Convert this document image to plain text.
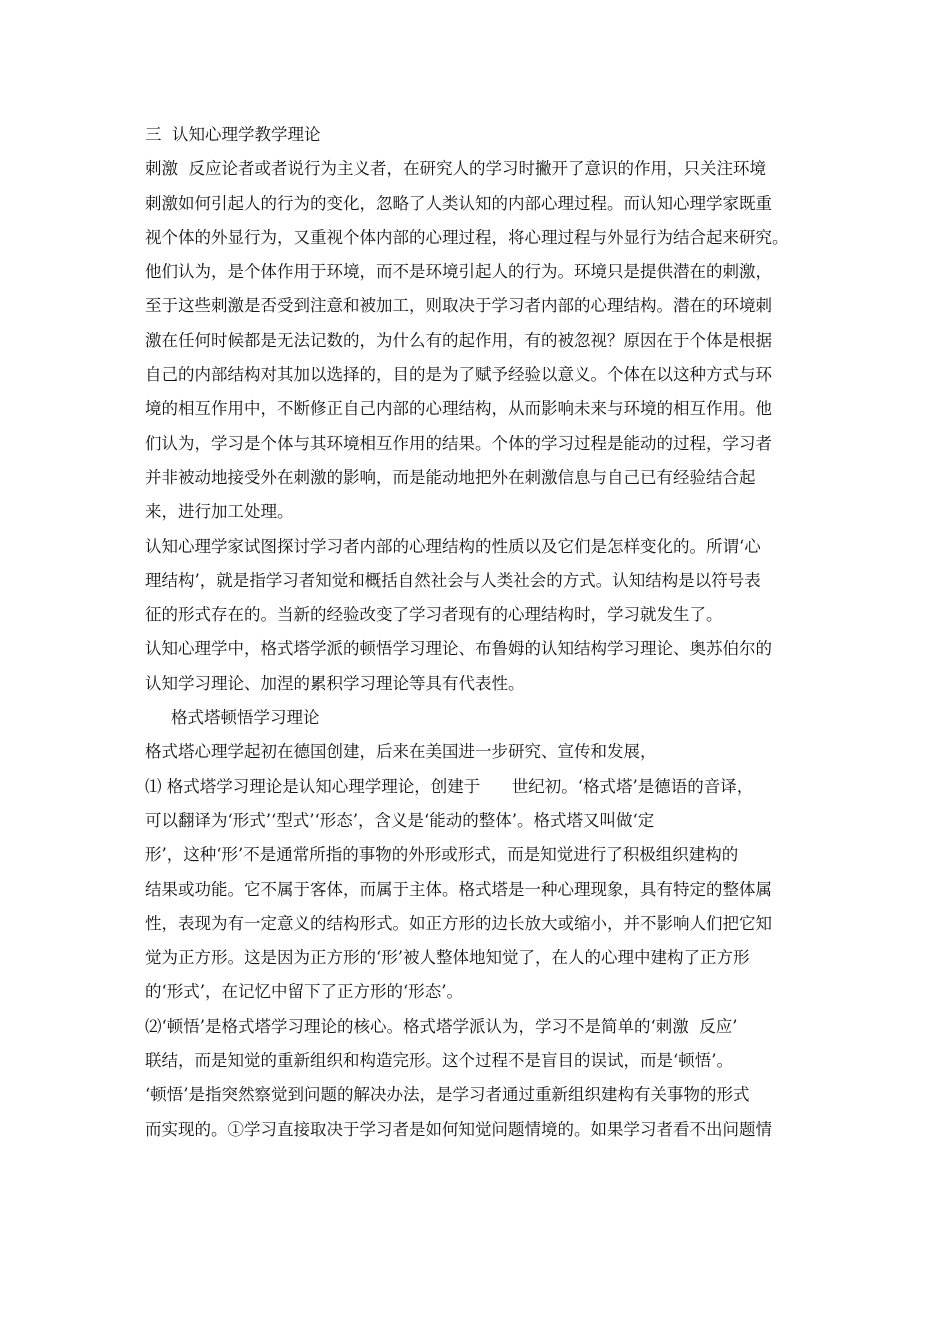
三  认知心理学教学理论
刺激  反应论者或者说行为主义者，在研究人的学习时撇开了意识的作用，只关注环境
刺激如何引起人的行为的变化，忽略了人类认知的内部心理过程。而认知心理学家既重
视个体的外显行为，又重视个体内部的心理过程，将心理过程与外显行为结合起来研究。
他们认为，是个体作用于环境，而不是环境引起人的行为。环境只是提供潜在的刺激，
至于这些刺激是否受到注意和被加工，则取决于学习者内部的心理结构。潜在的环境刺
激在任何时候都是无法记数的，为什么有的起作用，有的被忽视？原因在于个体是根据
自己的内部结构对其加以选择的，目的是为了赋予经验以意义。个体在以这种方式与环
境的相互作用中，不断修正自己内部的心理结构，从而影响未来与环境的相互作用。他
们认为，学习是个体与其环境相互作用的结果。个体的学习过程是能动的过程，学习者
并非被动地接受外在刺激的影响，而是能动地把外在刺激信息与自己已有经验结合起
来，进行加工处理。
认知心理学家试图探讨学习者内部的心理结构的性质以及它们是怎样变化的。所谓‘心
理结构’，就是指学习者知觉和概括自然社会与人类社会的方式。认知结构是以符号表
征的形式存在的。当新的经验改变了学习者现有的心理结构时，学习就发生了。
认知心理学中，格式塔学派的顿悟学习理论、布鲁姆的认知结构学习理论、奥苏伯尔的
认知学习理论、加涅的累积学习理论等具有代表性。
格式塔顿悟学习理论
格式塔心理学起初在德国创建，后来在美国进一步研究、宣传和发展，
⑴ 格式塔学习理论是认知心理学理论，创建于      世纪初。‘格式塔’是德语的音译，
可以翻译为‘形式’‘型式’‘形态’，含义是‘能动的整体’。格式塔又叫做‘定
形’，这种‘形’不是通常所指的事物的外形或形式，而是知觉进行了积极组织建构的
结果或功能。它不属于客体，而属于主体。格式塔是一种心理现象，具有特定的整体属
性，表现为有一定意义的结构形式。如正方形的边长放大或缩小，并不影响人们把它知
觉为正方形。这是因为正方形的‘形’被人整体地知觉了，在人的心理中建构了正方形
的‘形式’，在记忆中留下了正方形的‘形态’。
⑵‘顿悟’是格式塔学习理论的核心。格式塔学派认为，学习不是简单的‘刺激  反应’
联结，而是知觉的重新组织和构造完形。这个过程不是盲目的误试，而是‘顿悟’。
‘顿悟’是指突然察觉到问题的解决办法，是学习者通过重新组织建构有关事物的形式
而实现的。①学习直接取决于学习者是如何知觉问题情境的。如果学习者看不出问题情
